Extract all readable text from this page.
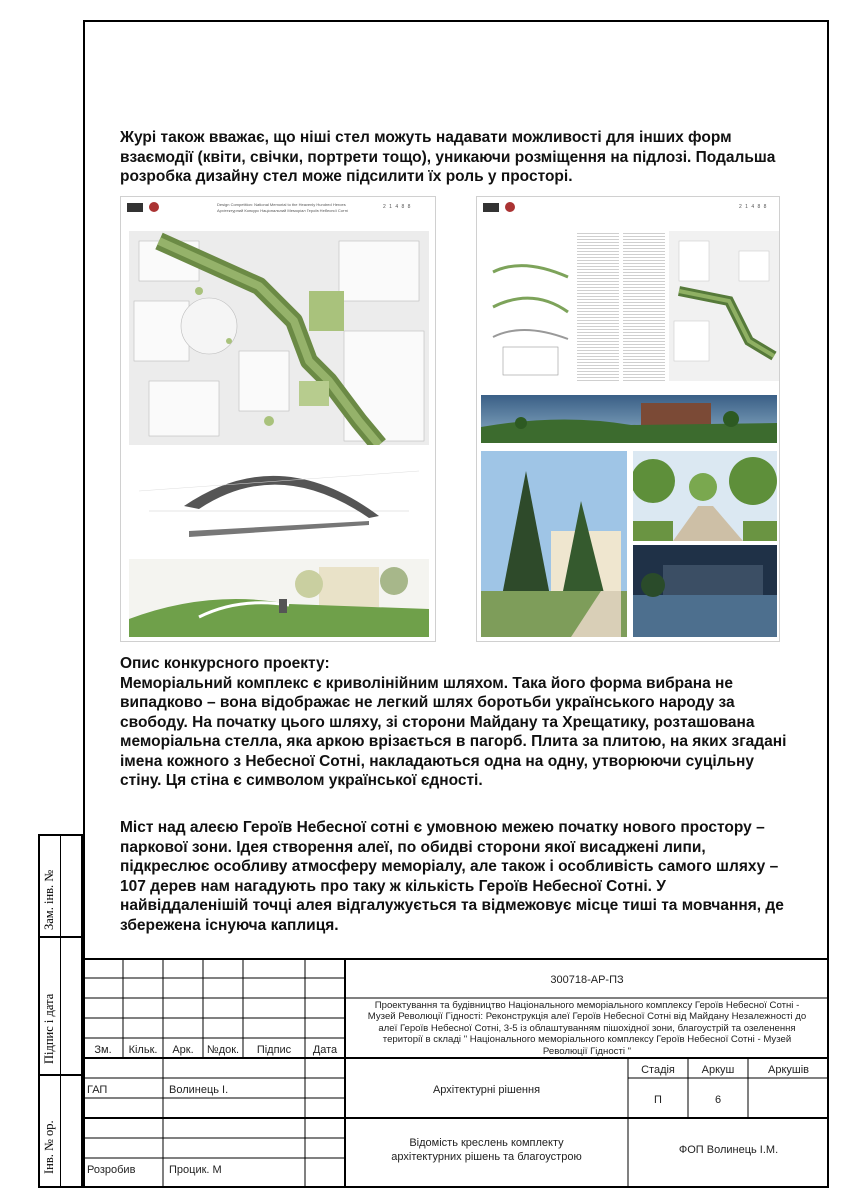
Журі також вважає, що ніші стел можуть надавати можливості для інших форм
взаємодії (квіти, свічки, портрети тощо), уникаючи розміщення на підлозі. Подальша
розробка дизайну стел може підсилити їх роль у просторі.
Design Competition: National Memorial to the Heavenly Hundred Heroes
Архітектурний Конкурс Національний Меморіал Героїв Небесної Сотні
2 1 4 8 8	2 1 4 8 8
Опис конкурсного проекту:
Меморіальний комплекс є криволінійним шляхом. Така його форма вибрана не
випадково – вона відображає не легкий шлях боротьби українського народу за
свободу. На початку цього шляху, зі сторони Майдану та Хрещатику, розташована
меморіальна стелла, яка аркою врізається в пагорб. Плита за плитою, на яких згадані
імена кожного з Небесної Сотні, накладаються одна на одну, утворюючи суцільну
стіну. Ця стіна є символом української єдності.
Міст над алеєю Героїв Небесної сотні є умовною межею початку нового простору –
паркової зони. Ідея створення алеї, по обидві сторони якої висаджені липи,
підкреслює особливу атмосферу меморіалу, але також і особливість самого шляху –
107 дерев нам нагадують про таку ж кількість Героїв Небесної Сотні. У
найвіддаленішій точці алея відгалужується та відмежовує місце тиші та мовчання, де
збережена існуюча каплиця.
Зам. інв. №
Підпис і дата
Інв. № ор.
Зм.	Кільк.	Арк.	№док.	Підпис	Дата
ГАП	Волинець І.
Розробив	Процик. М
300718-АР-ПЗ
Проектування та будівництво Національного меморіального комплексу Героїв Небесної Сотні -
Музей Революції Гідності: Реконструкція алеї Героїв Небесної Сотні від Майдану Незалежності до
алеї Героїв Небесної Сотні, 3-5 із облаштуванням пішохідної зони, благоустрій та озеленення
території в складі " Національного меморіального комплексу Героїв Небесної Сотні - Музей
Революції Гідності "
Архітектурні рішення
Стадія	Аркуш	Аркушів
П	6
Відомість креслень комплекту
архітектурних рішень та благоустрою
ФОП Волинець І.М.
